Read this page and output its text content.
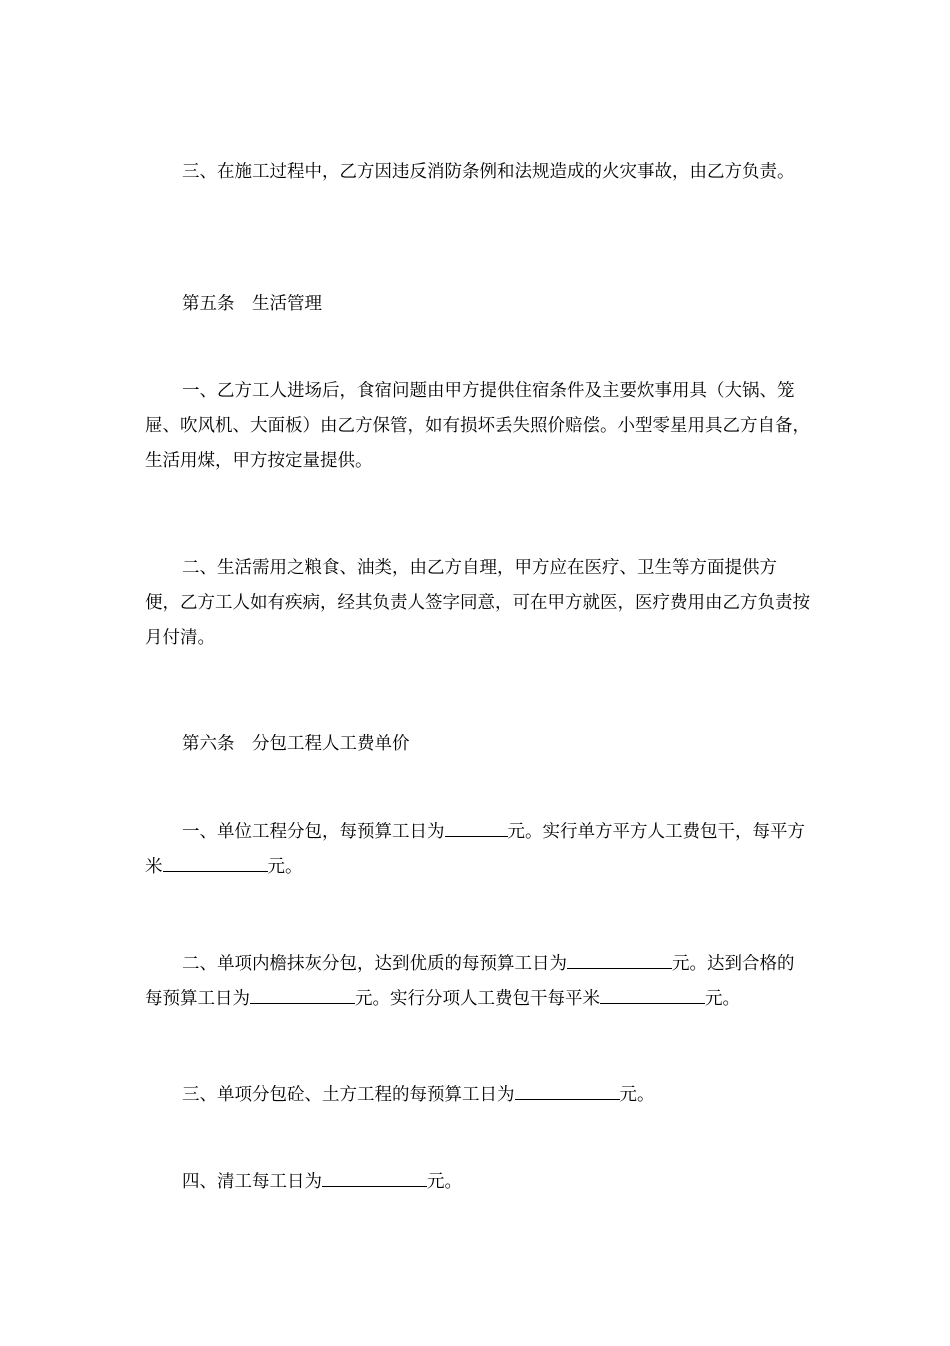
三、在施工过程中，乙方因违反消防条例和法规造成的火灾事故，由乙方负责。

第五条　生活管理

一、乙方工人进场后，食宿问题由甲方提供住宿条件及主要炊事用具（大锅、笼屉、吹风机、大面板）由乙方保管，如有损坏丢失照价赔偿。小型零星用具乙方自备，生活用煤，甲方按定量提供。

二、生活需用之粮食、油类，由乙方自理，甲方应在医疗、卫生等方面提供方便，乙方工人如有疾病，经其负责人签字同意，可在甲方就医，医疗费用由乙方负责按月付清。

第六条　分包工程人工费单价

一、单位工程分包，每预算工日为	元。实行单方平方人工费包干，每平方米	元。

二、单项内檐抹灰分包，达到优质的每预算工日为	元。达到合格的每预算工日为	元。实行分项人工费包干每平米	元。

三、单项分包砼、土方工程的每预算工日为	元。

四、清工每工日为	元。
